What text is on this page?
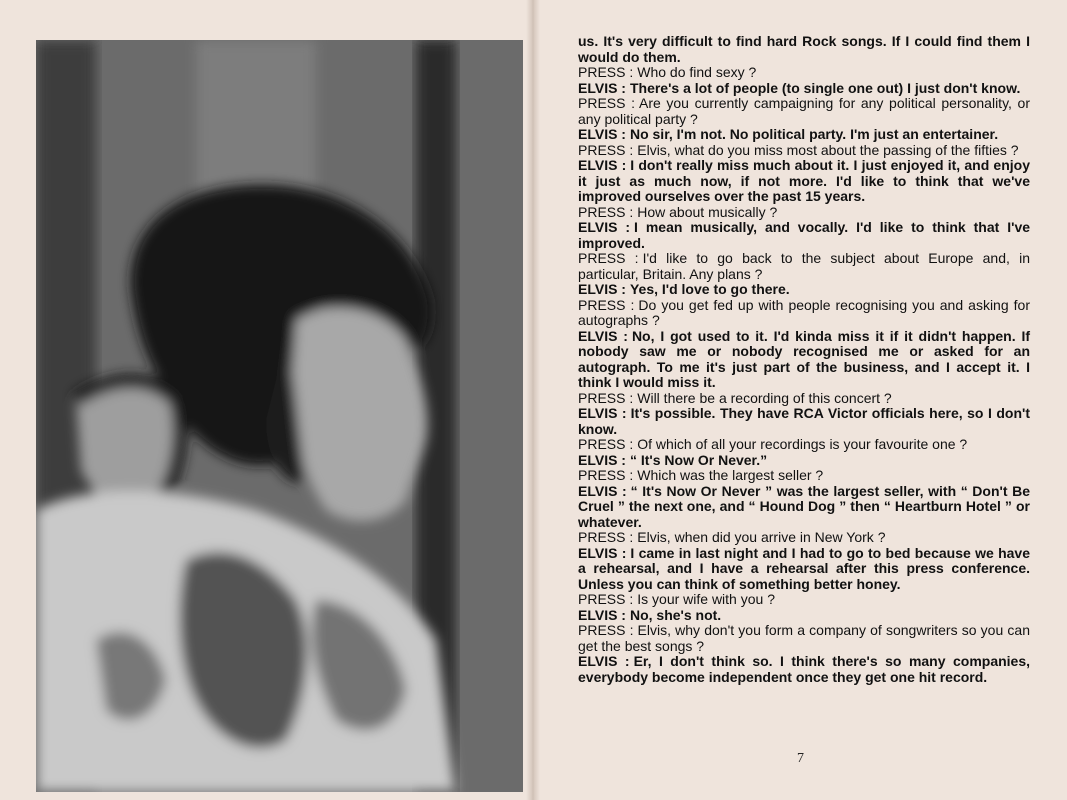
us. It's very difficult to find hard Rock songs. If I could find them I would do them.
PRESS : Who do find sexy ?
ELVIS : There's a lot of people (to single one out) I just don't know.
PRESS : Are you currently campaigning for any political personality, or any political party ?
ELVIS : No sir, I'm not. No political party. I'm just an entertainer.
PRESS : Elvis, what do you miss most about the passing of the fifties ?
ELVIS : I don't really miss much about it. I just enjoyed it, and enjoy it just as much now, if not more. I'd like to think that we've improved ourselves over the past 15 years.
PRESS : How about musically ?
ELVIS : I mean musically, and vocally. I'd like to think that I've improved.
PRESS : I'd like to go back to the subject about Europe and, in particular, Britain. Any plans ?
ELVIS : Yes, I'd love to go there.
PRESS : Do you get fed up with people recognising you and asking for autographs ?
ELVIS : No, I got used to it. I'd kinda miss it if it didn't happen. If nobody saw me or nobody recognised me or asked for an autograph. To me it's just part of the business, and I accept it. I think I would miss it.
PRESS : Will there be a recording of this concert ?
ELVIS : It's possible. They have RCA Victor officials here, so I don't know.
PRESS : Of which of all your recordings is your favourite one ?
ELVIS : “ It's Now Or Never.”
PRESS : Which was the largest seller ?
ELVIS : “ It's Now Or Never ” was the largest seller, with “ Don't Be Cruel ” the next one, and “ Hound Dog ” then “ Heartburn Hotel ” or whatever.
PRESS : Elvis, when did you arrive in New York ?
ELVIS : I came in last night and I had to go to bed because we have a rehearsal, and I have a rehearsal after this press conference. Unless you can think of something better honey.
PRESS : Is your wife with you ?
ELVIS : No, she's not.
PRESS : Elvis, why don't you form a company of songwriters so you can get the best songs ?
ELVIS : Er, I don't think so. I think there's so many companies, everybody become independent once they get one hit record.
7
